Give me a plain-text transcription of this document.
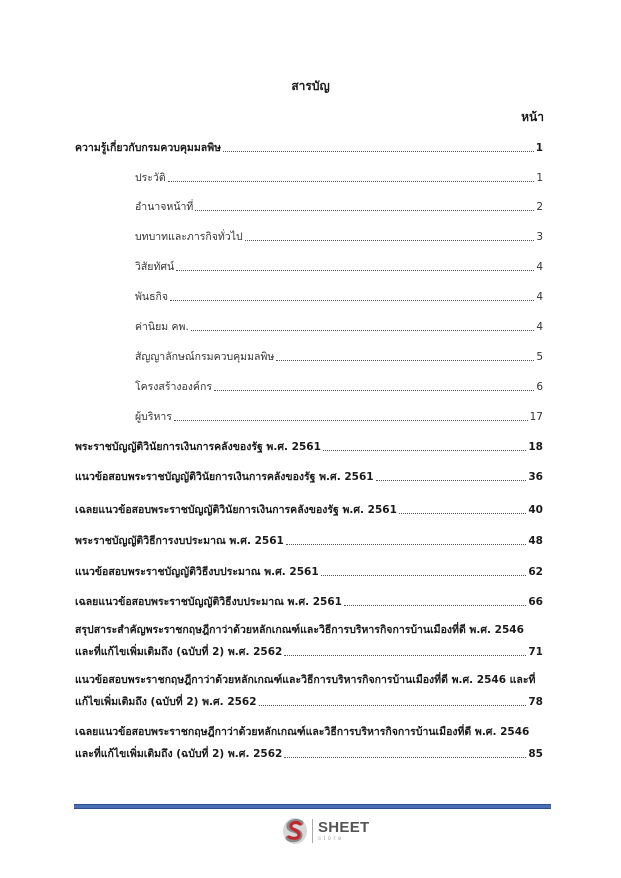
สารบัญ
หน้า
ความรู้เกี่ยวกับกรมควบคุมมลพิษ	1
ประวัติ	1
อำนาจหน้าที่	2
บทบาทและภารกิจทั่วไป	3
วิสัยทัศน์	4
พันธกิจ	4
ค่านิยม คพ.	4
สัญญาลักษณ์กรมควบคุมมลพิษ	5
โครงสร้างองค์กร	6
ผู้บริหาร	17
พระราชบัญญัติวินัยการเงินการคลังของรัฐ พ.ศ. 2561	18
แนวข้อสอบพระราชบัญญัติวินัยการเงินการคลังของรัฐ พ.ศ. 2561	36
เฉลยแนวข้อสอบพระราชบัญญัติวินัยการเงินการคลังของรัฐ พ.ศ. 2561	40
พระราชบัญญัติวิธีการงบประมาณ พ.ศ. 2561	48
แนวข้อสอบพระราชบัญญัติวิธีงบประมาณ พ.ศ. 2561	62
เฉลยแนวข้อสอบพระราชบัญญัติวิธีงบประมาณ พ.ศ. 2561	66
สรุปสาระสำคัญพระราชกฤษฎีกาว่าด้วยหลักเกณฑ์และวิธีการบริหารกิจการบ้านเมืองที่ดี พ.ศ. 2546
และที่แก้ไขเพิ่มเติมถึง (ฉบับที่ 2) พ.ศ. 2562	71
แนวข้อสอบพระราชกฤษฎีกาว่าด้วยหลักเกณฑ์และวิธีการบริหารกิจการบ้านเมืองที่ดี พ.ศ. 2546 และที่
แก้ไขเพิ่มเติมถึง (ฉบับที่ 2) พ.ศ. 2562	78
เฉลยแนวข้อสอบพระราชกฤษฎีกาว่าด้วยหลักเกณฑ์และวิธีการบริหารกิจการบ้านเมืองที่ดี พ.ศ. 2546
และที่แก้ไขเพิ่มเติมถึง (ฉบับที่ 2) พ.ศ. 2562	85
SHEET
store
